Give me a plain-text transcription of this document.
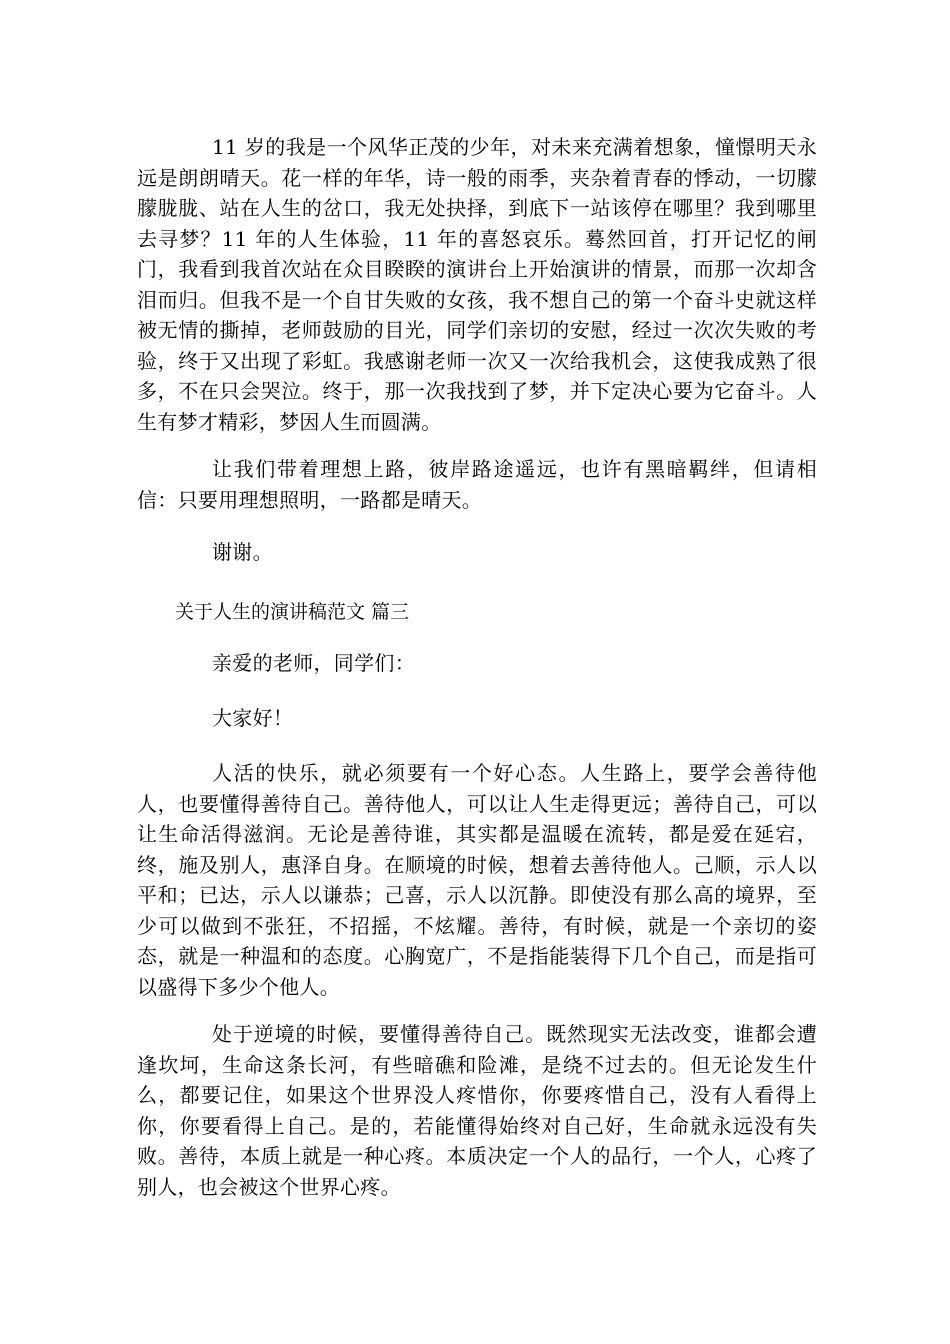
11 岁的我是一个风华正茂的少年，对未来充满着想象，憧憬明天永远是朗朗晴天。花一样的年华，诗一般的雨季，夹杂着青春的悸动，一切朦朦胧胧、站在人生的岔口，我无处抉择，到底下一站该停在哪里？我到哪里去寻梦？11 年的人生体验，11 年的喜怒哀乐。蓦然回首，打开记忆的闸门，我看到我首次站在众目睽睽的演讲台上开始演讲的情景，而那一次却含泪而归。但我不是一个自甘失败的女孩，我不想自己的第一个奋斗史就这样被无情的撕掉，老师鼓励的目光，同学们亲切的安慰，经过一次次失败的考验，终于又出现了彩虹。我感谢老师一次又一次给我机会，这使我成熟了很多，不在只会哭泣。终于，那一次我找到了梦，并下定决心要为它奋斗。人生有梦才精彩，梦因人生而圆满。

让我们带着理想上路，彼岸路途遥远，也许有黑暗羁绊，但请相信：只要用理想照明，一路都是晴天。

谢谢。

关于人生的演讲稿范文 篇三

亲爱的老师，同学们：

大家好！

人活的快乐，就必须要有一个好心态。人生路上，要学会善待他人，也要懂得善待自己。善待他人，可以让人生走得更远；善待自己，可以让生命活得滋润。无论是善待谁，其实都是温暖在流转，都是爱在延宕，终，施及别人，惠泽自身。在顺境的时候，想着去善待他人。己顺，示人以平和；已达，示人以谦恭；己喜，示人以沉静。即使没有那么高的境界，至少可以做到不张狂，不招摇，不炫耀。善待，有时候，就是一个亲切的姿态，就是一种温和的态度。心胸宽广，不是指能装得下几个自己，而是指可以盛得下多少个他人。

处于逆境的时候，要懂得善待自己。既然现实无法改变，谁都会遭逢坎坷，生命这条长河，有些暗礁和险滩，是绕不过去的。但无论发生什么，都要记住，如果这个世界没人疼惜你，你要疼惜自己，没有人看得上你，你要看得上自己。是的，若能懂得始终对自己好，生命就永远没有失败。善待，本质上就是一种心疼。本质决定一个人的品行，一个人，心疼了别人，也会被这个世界心疼。
